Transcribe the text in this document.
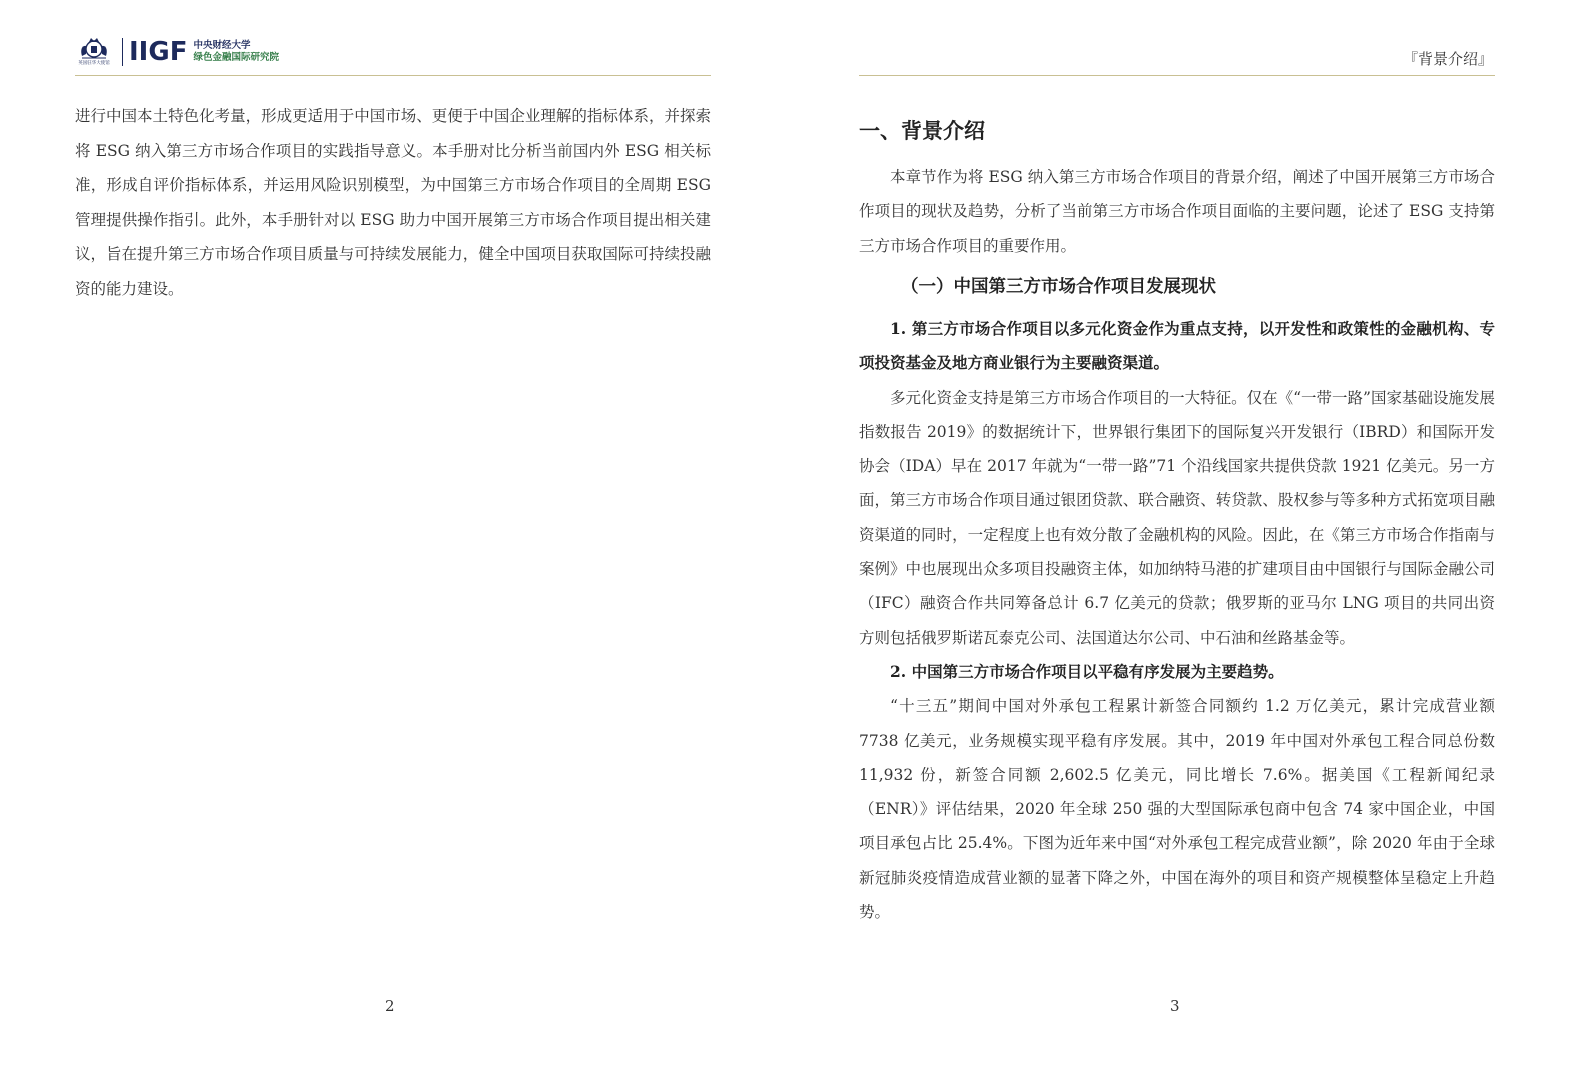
英国驻华大使馆 IIGF 中央财经大学
绿色金融国际研究院

进行中国本土特色化考量，形成更适用于中国市场、更便于中国企业理解的指标体系，并探索将 ESG 纳入第三方市场合作项目的实践指导意义。本手册对比分析当前国内外 ESG 相关标准，形成自评价指标体系，并运用风险识别模型，为中国第三方市场合作项目的全周期 ESG 管理提供操作指引。此外，本手册针对以 ESG 助力中国开展第三方市场合作项目提出相关建议，旨在提升第三方市场合作项目质量与可持续发展能力，健全中国项目获取国际可持续投融资的能力建设。

2
『背景介绍』
一、背景介绍

本章节作为将 ESG 纳入第三方市场合作项目的背景介绍，阐述了中国开展第三方市场合作项目的现状及趋势，分析了当前第三方市场合作项目面临的主要问题，论述了 ESG 支持第三方市场合作项目的重要作用。

（一）中国第三方市场合作项目发展现状

1. 第三方市场合作项目以多元化资金作为重点支持，以开发性和政策性的金融机构、专项投资基金及地方商业银行为主要融资渠道。

多元化资金支持是第三方市场合作项目的一大特征。仅在《“一带一路”国家基础设施发展指数报告 2019》的数据统计下，世界银行集团下的国际复兴开发银行（IBRD）和国际开发协会（IDA）早在 2017 年就为“一带一路”71 个沿线国家共提供贷款 1921 亿美元。另一方面，第三方市场合作项目通过银团贷款、联合融资、转贷款、股权参与等多种方式拓宽项目融资渠道的同时，一定程度上也有效分散了金融机构的风险。因此，在《第三方市场合作指南与案例》中也展现出众多项目投融资主体，如加纳特马港的扩建项目由中国银行与国际金融公司（IFC）融资合作共同筹备总计 6.7 亿美元的贷款；俄罗斯的亚马尔 LNG 项目的共同出资方则包括俄罗斯诺瓦泰克公司、法国道达尔公司、中石油和丝路基金等。

2. 中国第三方市场合作项目以平稳有序发展为主要趋势。

“十三五”期间中国对外承包工程累计新签合同额约 1.2 万亿美元，累计完成营业额 7738 亿美元，业务规模实现平稳有序发展。其中，2019 年中国对外承包工程合同总份数 11,932 份，新签合同额 2,602.5 亿美元，同比增长 7.6%。据美国《工程新闻纪录（ENR）》评估结果，2020 年全球 250 强的大型国际承包商中包含 74 家中国企业，中国项目承包占比 25.4%。下图为近年来中国“对外承包工程完成营业额”，除 2020 年由于全球新冠肺炎疫情造成营业额的显著下降之外，中国在海外的项目和资产规模整体呈稳定上升趋势。

3
